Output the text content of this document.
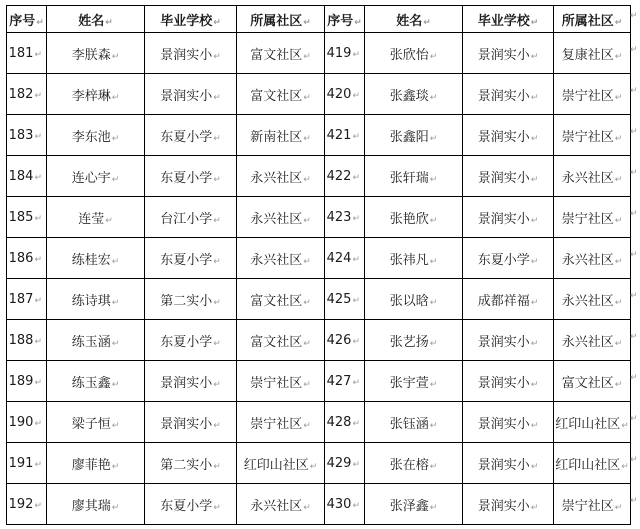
序号↵	姓名↵	毕业学校↵	所属社区↵	序号↵	姓名↵	毕业学校↵	所属社区↵
181↵	李朕森↵	景润实小↵	富文社区↵	419↵	张欣怡↵	景润实小↵	复康社区↵
182↵	李梓琳↵	景润实小↵	富文社区↵	420↵	张鑫琰↵	景润实小↵	崇宁社区↵
183↵	李东池↵	东夏小学↵	新南社区↵	421↵	张鑫阳↵	景润实小↵	崇宁社区↵
184↵	连心宇↵	东夏小学↵	永兴社区↵	422↵	张轩瑞↵	景润实小↵	永兴社区↵
185↵	连莹↵	台江小学↵	永兴社区↵	423↵	张艳欣↵	景润实小↵	崇宁社区↵
186↵	练桂宏↵	东夏小学↵	永兴社区↵	424↵	张祎凡↵	东夏小学↵	永兴社区↵
187↵	练诗琪↵	第二实小↵	富文社区↵	425↵	张以晗↵	成都祥福↵	永兴社区↵
188↵	练玉涵↵	东夏小学↵	富文社区↵	426↵	张艺扬↵	景润实小↵	永兴社区↵
189↵	练玉鑫↵	景润实小↵	崇宁社区↵	427↵	张宇萱↵	景润实小↵	富文社区↵
190↵	梁子恒↵	景润实小↵	崇宁社区↵	428↵	张钰涵↵	景润实小↵	红印山社区↵
191↵	廖菲艳↵	第二实小↵	红印山社区↵	429↵	张在榕↵	景润实小↵	红印山社区↵
192↵	廖其瑞↵	东夏小学↵	永兴社区↵	430↵	张泽鑫↵	景润实小↵	崇宁社区↵
↵
↵
↵
↵
↵
↵
↵
↵
↵
↵
↵
↵
↵
